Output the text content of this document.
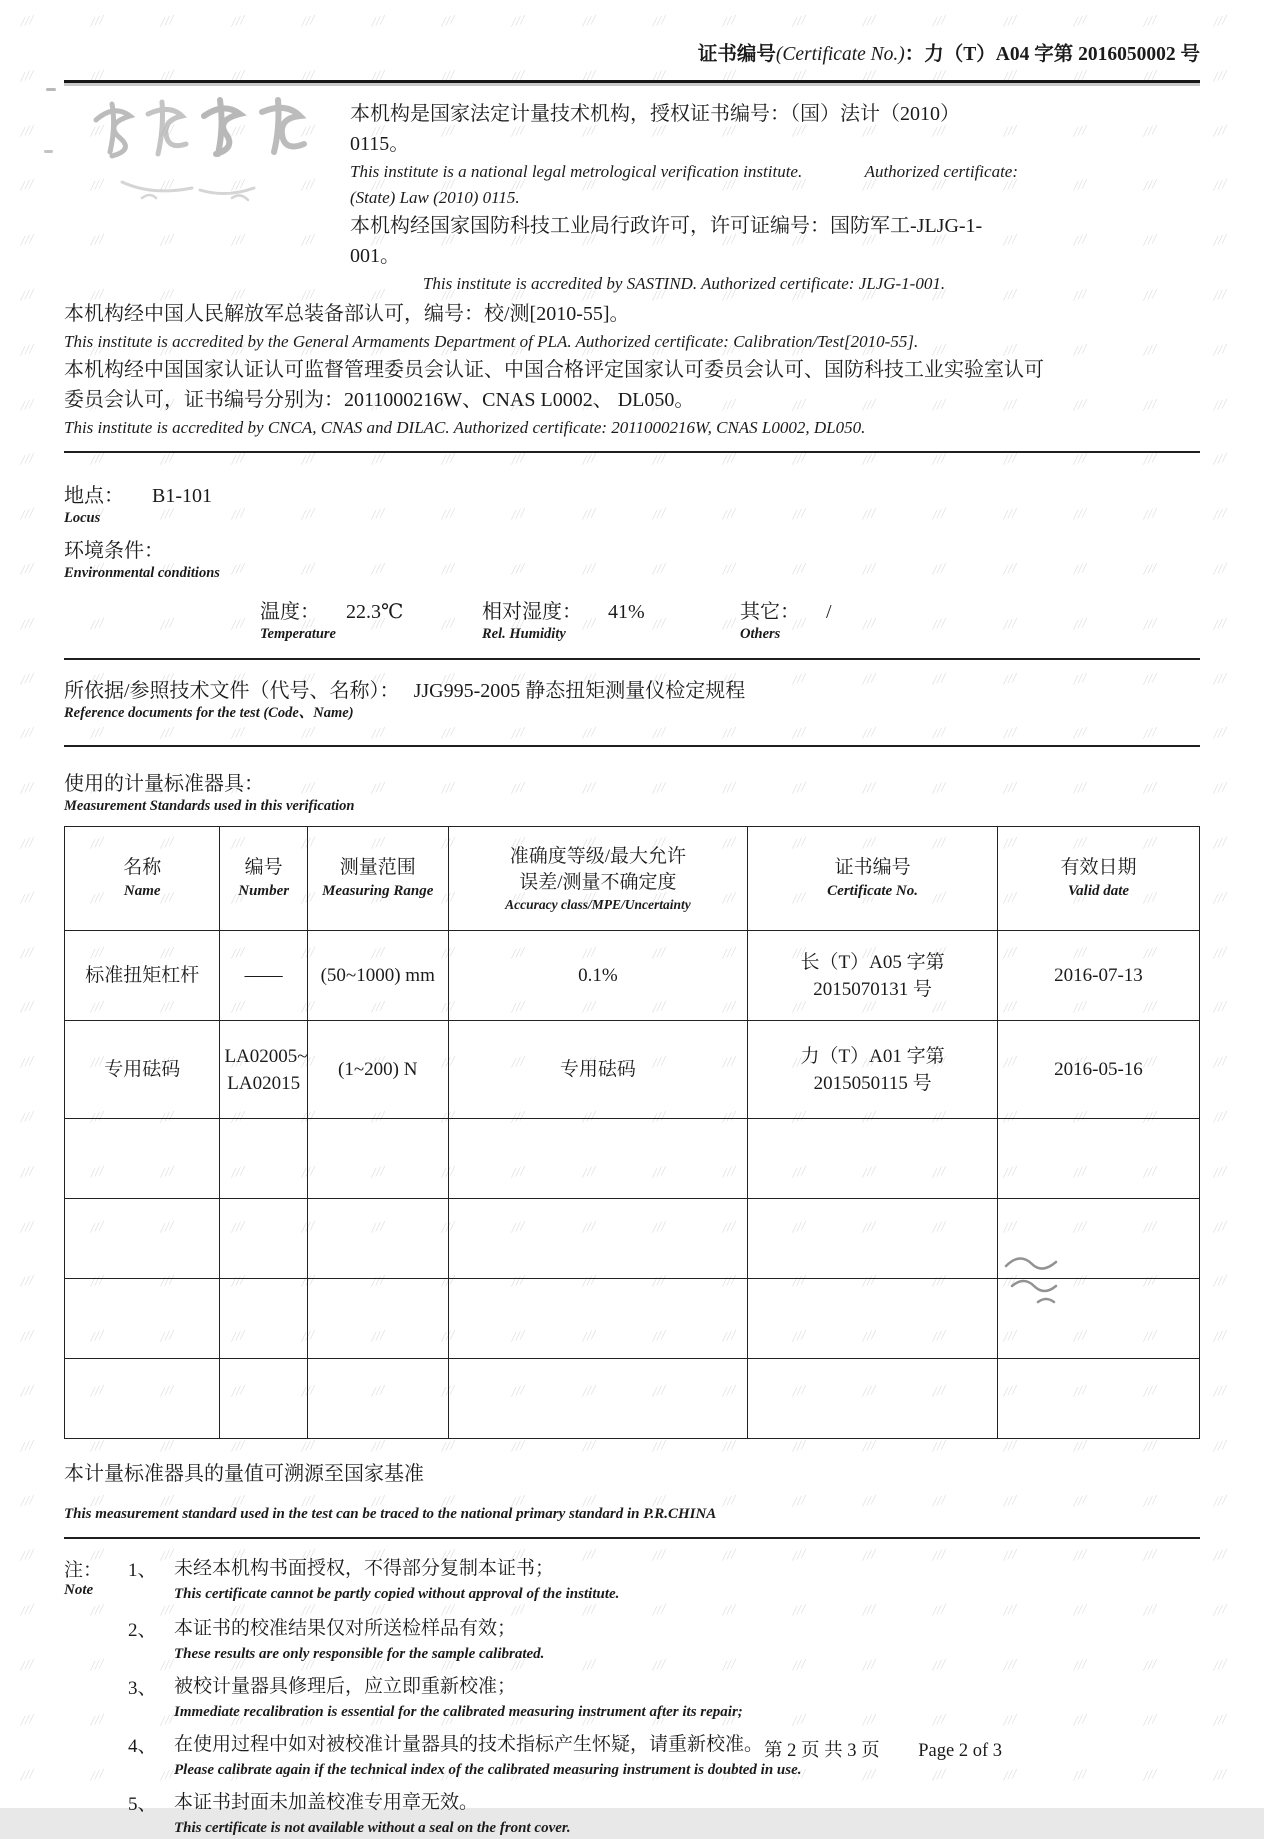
///
///
///
///
///
///
///
///
///
///
///
///
///
///
///
///
///
///
///
///
///
///
///
///
///
///
///
///
///
///
///
///
///
///
///
///
///
///
///
///
///
///
///
///
///
///
///
///
///
///
///
///
///
///
///
///
///
///
///
///
///
///
///
///
///
///
///
///
///
///
///
///
///
///
///
///
///
///
///
///
///
///
///
///
///
///
///
///
///
///
///
///
///
///
///
///
///
///
///
///
///
///
///
///
///
///
///
///
///
///
///
///
///
///
///
///
///
///
///
///
///
///
///
///
///
///
///
///
///
///
///
///
///
///
///
///
///
///
///
///
///
///
///
///
///
///
///
///
///
///
///
///
///
///
///
///
///
///
///
///
///
///
///
///
///
///
///
///
///
///
///
///
///
///
///
///
///
///
///
///
///
///
///
///
///
///
///
///
///
///
///
///
///
///
///
///
///
///
///
///
///
///
///
///
///
///
///
///
///
///
///
///
///
///
///
///
///
///
///
///
///
///
///
///
///
///
///
///
///
///
///
///
///
///
///
///
///
///
///
///
///
///
///
///
///
///
///
///
///
///
///
///
///
///
///
///
///
///
///
///
///
///
///
///
///
///
///
///
///
///
///
///
///
///
///
///
///
///
///
///
///
///
///
///
///
///
///
///
///
///
///
///
///
///
///
///
///
///
///
///
///
///
///
///
///
///
///
///
///
///
///
///
///
///
///
///
///
///
///
///
///
///
///
///
///
///
///
///
///
///
///
///
///
///
///
///
///
///
///
///
///
///
///
///
///
///
///
///
///
///
///
///
///
///
///
///
///
///
///
///
///
///
///
///
///
///
///
///
///
///
///
///
///
///
///
///
///
///
///
///
///
///
///
///
///
///
///
///
///
///
///
///
///
///
///
///
///
///
///
///
///
///
///
///
///
///
///
///
///
///
///
///
///
///
///
///
///
///
///
///
///
///
///
///
///
///
///
///
///
///
///
///
///
///
///
///
///
///
///
///
///
///
///
///
///
///
///
///
///
///
///
///
///
///
///
///
///
///
///
///
///
///
///
///
///
///
///
///
///
///
///
///
///
///
///
///
///
///
///
///
///
///
///
///
///
///
///
///
///
///
///
///
///
///
///
///
///
///
///
///
///
///
///
///
///
///
///
///
///
///
///
///
///
///
///
///
///
///
///
///
///
///
///
///
///
///
///
///
///
///
///
///
///
///
///
///
///
///
///
///
///
///
///
///
///
///
///
///
///
///
///
///
///
///
///
///
///
///
///
///
///
///
///
///
///
///
///
///
///
///
///
///
///
///
///
///
///
///
///
///
///
///
///
///
///
///
///
///
///
///
///
///
///
///
证书编号(Certificate No.)：力（T）A04 字第 2016050002 号

本机构是国家法定计量技术机构，授权证书编号：（国）法计（2010）0115。

This institute is a national legal metrological verification institute.	Authorized certificate:

(State) Law (2010) 0115.

本机构经国家国防科技工业局行政许可，许可证编号：国防军工-JLJG-1-001。

This institute is accredited by SASTIND. Authorized certificate: JLJG-1-001.

本机构经中国人民解放军总装备部认可，编号：校/测[2010-55]。

This institute is accredited by the General Armaments Department of PLA. Authorized certificate: Calibration/Test[2010-55].

本机构经中国国家认证认可监督管理委员会认证、中国合格评定国家认可委员会认可、国防科技工业实验室认可

委员会认可，证书编号分别为：2011000216W、CNAS L0002、 DL050。

This institute is accredited by CNCA, CNAS and DILAC. Authorized certificate: 2011000216W, CNAS L0002, DL050.

地点： B1-101

Locus

环境条件：

Environmental conditions

温度： 22.3℃

Temperature

相对湿度： 41%

Rel. Humidity

其它： /

Others

所依据/参照技术文件（代号、名称）： JJG995-2005 静态扭矩测量仪检定规程

Reference documents for the test (Code、Name)

使用的计量标准器具：

Measurement Standards used in this verification

名称
Name

编号
Number

测量范围
Measuring Range

准确度等级/最大允许
误差/测量不确定度
Accuracy class/MPE/Uncertainty

证书编号
Certificate No.

有效日期
Valid date

标准扭矩杠杆	——	(50~1000) mm	0.1%	长（T）A05 字第
2015070131 号	2016-07-13
专用砝码	
LA02005~
LA02015
	(1~200) N	专用砝码	
力（T）A01 字第
2015050115 号
	2016-05-16

本计量标准器具的量值可溯源至国家基准

This measurement standard used in the test can be traced to the national primary standard in P.R.CHINA

注：	1、 未经本机构书面授权，不得部分复制本证书；
Note	This certificate cannot be partly copied without approval of the institute.
2、 本证书的校准结果仅对所送检样品有效；

These results are only responsible for the sample calibrated.

3、 被校计量器具修理后，应立即重新校准；

Immediate recalibration is essential for the calibrated measuring instrument after its repair;

4、 在使用过程中如对被校准计量器具的技术指标产生怀疑，请重新校准。

Please calibrate again if the technical index of the calibrated measuring instrument is doubted in use.

5、 本证书封面未加盖校准专用章无效。

This certificate is not available without a seal on the front cover.

第 2 页 共 3 页 Page 2 of 3
